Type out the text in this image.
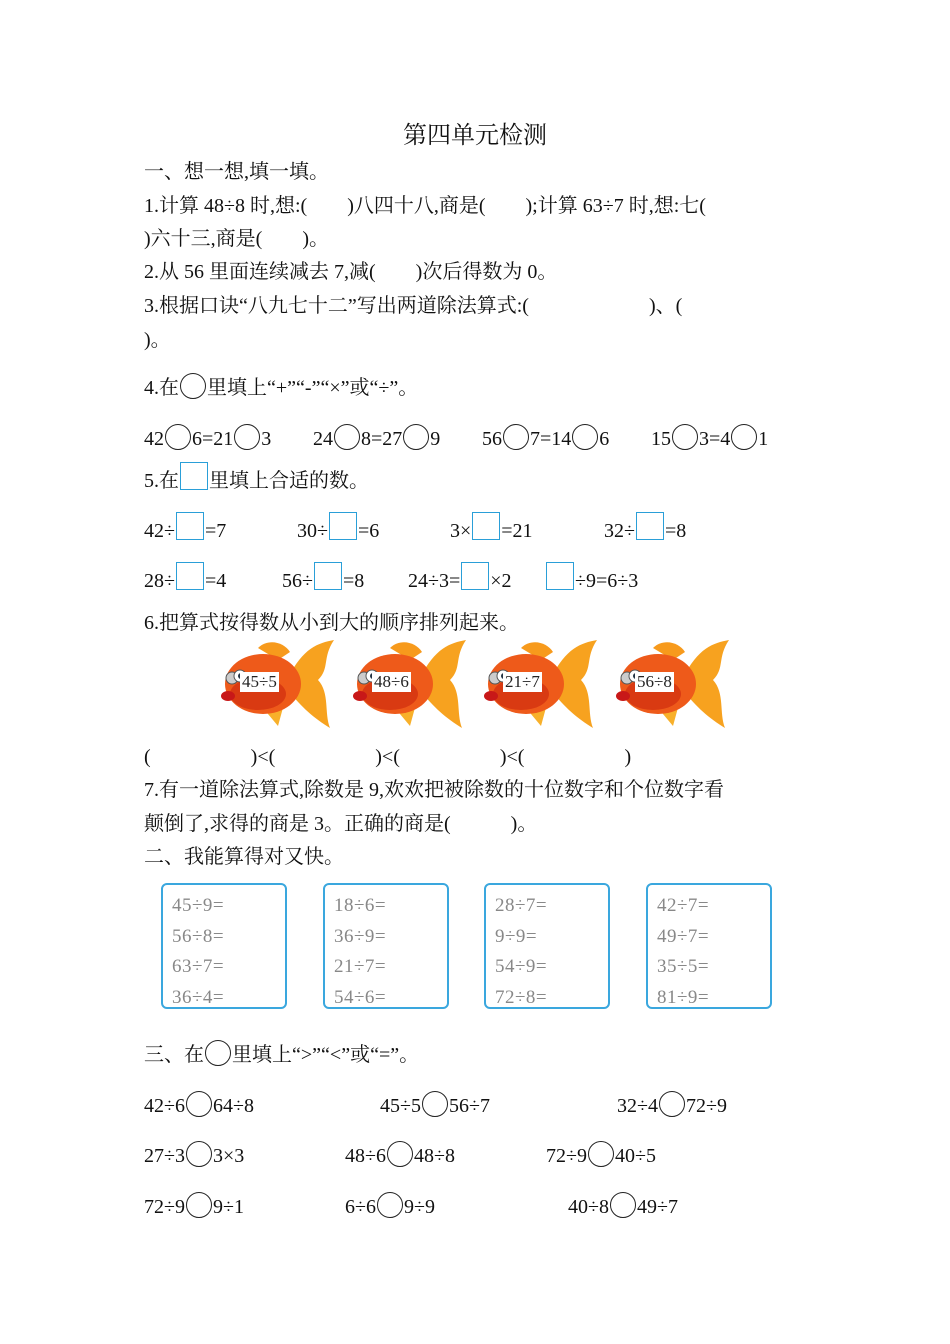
第四单元检测
一、想一想,填一填。
1.计算 48÷8 时,想:(　　)八四十八,商是(　　);计算 63÷7 时,想:七(
)六十三,商是(　　)。
2.从 56 里面连续减去 7,减(　　)次后得数为 0。
3.根据口诀“八九七十二”写出两道除法算式:(　　　　　　)、(
)。
4.在 里填上“+”“-”“×”或“÷”。
42 6=21 3 24 8=27 9 56 7=14 6 15 3=4 1
5.在 里填上合适的数。
42÷ =7	30÷ =6	3× =21	32÷ =8
28÷ =4	56÷ =8 24÷3= ×2	÷9=6÷3
6.把算式按得数从小到大的顺序排列起来。
45÷5	48÷6	21÷7	56÷8
(　　　　　)<(　　　　　)<(　　　　　)<(　　　　　)
7.有一道除法算式,除数是 9,欢欢把被除数的十位数字和个位数字看
颠倒了,求得的商是 3。正确的商是(　　　)。
二、我能算得对又快。
45÷9=
56÷8=
63÷7=
36÷4=
18÷6=
36÷9=
21÷7=
54÷6=
28÷7=
9÷9=
54÷9=
72÷8=
42÷7=
49÷7=
35÷5=
81÷9=
三、在 里填上“>”“<”或“=”。
42÷6 64÷8	45÷5 56÷7	32÷4 72÷9
27÷3 3×3	48÷6 48÷8	72÷9 40÷5
72÷9 9÷1	6÷6 9÷9	40÷8 49÷7
